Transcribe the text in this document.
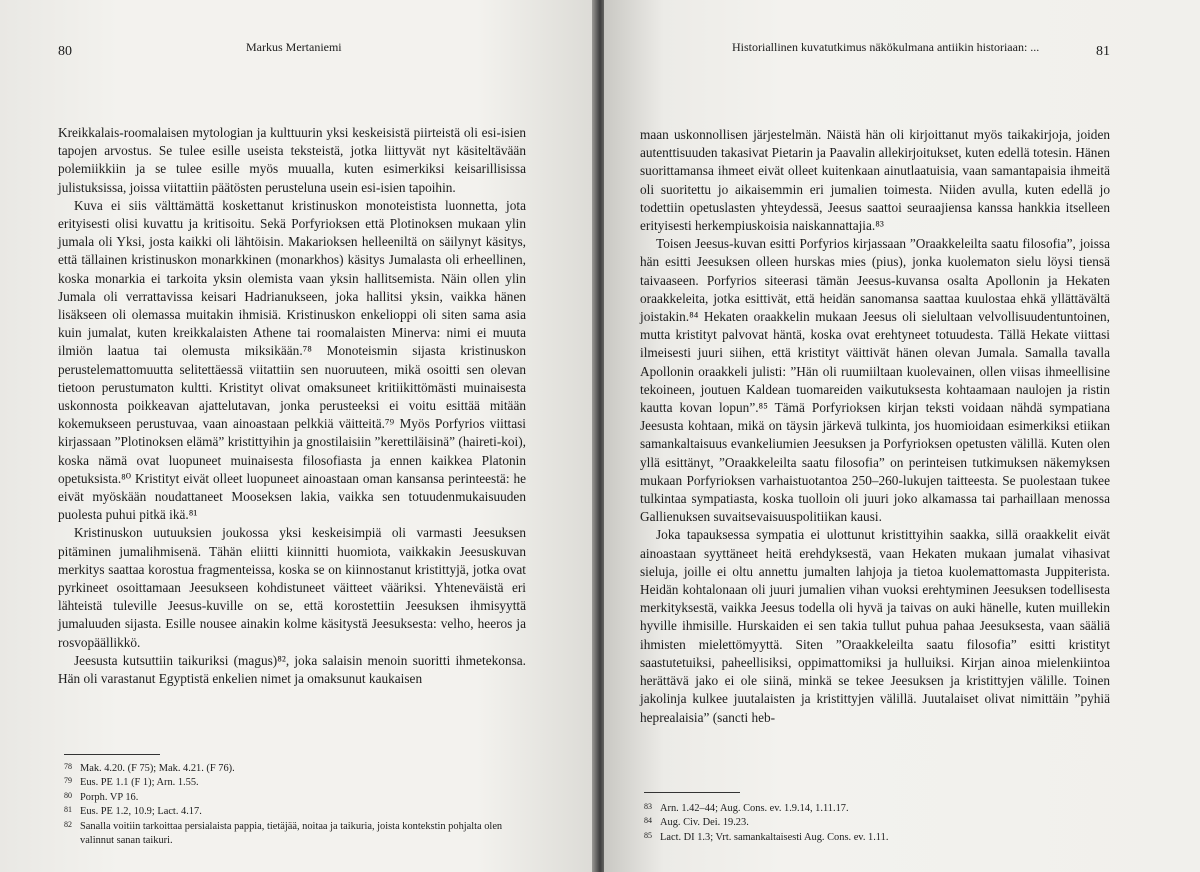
80	Markus Mertaniemi

Kreikkalais-roomalaisen mytologian ja kulttuurin yksi keskeisistä piirteistä oli esi-isien tapojen arvostus. Se tulee esille useista teksteistä, jotka liittyvät nyt käsiteltävään polemiikkiin ja se tulee esille myös muualla, kuten esimerkiksi keisarillisissa julistuksissa, joissa viitattiin päätösten perusteluna usein esi-isien tapoihin.

Kuva ei siis välttämättä koskettanut kristinuskon monoteistista luonnetta, jota erityisesti olisi kuvattu ja kritisoitu. Sekä Porfyrioksen että Plotinoksen mukaan ylin jumala oli Yksi, josta kaikki oli lähtöisin. Makarioksen helleeniltä on säilynyt käsitys, että tällainen kristinuskon monarkkinen (monarkhos) käsitys Jumalasta oli erheellinen, koska monarkia ei tarkoita yksin olemista vaan yksin hallitsemista. Näin ollen ylin Jumala oli verrattavissa keisari Hadrianukseen, joka hallitsi yksin, vaikka hänen lisäkseen oli olemassa muitakin ihmisiä. Kristinuskon enkelioppi oli siten sama asia kuin jumalat, kuten kreikkalaisten Athene tai roomalaisten Minerva: nimi ei muuta ilmiön laatua tai olemusta miksikään.⁷⁸ Monoteismin sijasta kristinuskon perustelemattomuutta selitettäessä viitattiin sen nuoruuteen, mikä osoitti sen olevan tietoon perustumaton kultti. Kristityt olivat omaksuneet kritiikittömästi muinaisesta uskonnosta poikkeavan ajattelutavan, jonka perusteeksi ei voitu esittää mitään kokemukseen perustuvaa, vaan ainoastaan pelkkiä väitteitä.⁷⁹ Myös Porfyrios viittasi kirjassaan ”Plotinoksen elämä” kristittyihin ja gnostilaisiin ”kerettiläisinä” (haireti-koi), koska nämä ovat luopuneet muinaisesta filosofiasta ja ennen kaikkea Platonin opetuksista.⁸⁰ Kristityt eivät olleet luopuneet ainoastaan oman kansansa perinteestä: he eivät myöskään noudattaneet Mooseksen lakia, vaikka sen totuudenmukaisuuden puolesta puhui pitkä ikä.⁸¹

Kristinuskon uutuuksien joukossa yksi keskeisimpiä oli varmasti Jeesuksen pitäminen jumalihmisenä. Tähän eliitti kiinnitti huomiota, vaikkakin Jeesuskuvan merkitys saattaa korostua fragmenteissa, koska se on kiinnostanut kristittyjä, jotka ovat pyrkineet osoittamaan Jeesukseen kohdistuneet väitteet vääriksi. Yhteneväistä eri lähteistä tuleville Jeesus-kuville on se, että korostettiin Jeesuksen ihmisyyttä jumaluuden sijasta. Esille nousee ainakin kolme käsitystä Jeesuksesta: velho, heeros ja rosvopäällikkö.

Jeesusta kutsuttiin taikuriksi (magus)⁸², joka salaisin menoin suoritti ihmetekonsa. Hän oli varastanut Egyptistä enkelien nimet ja omaksunut kaukaisen

78 Mak. 4.20. (F 75); Mak. 4.21. (F 76).
79 Eus. PE 1.1 (F 1); Arn. 1.55.
80 Porph. VP 16.
81 Eus. PE 1.2, 10.9; Lact. 4.17.
82 Sanalla voitiin tarkoittaa persialaista pappia, tietäjää, noitaa ja taikuria, joista kontekstin pohjalta olen valinnut sanan taikuri.
Historiallinen kuvatutkimus näkökulmana antiikin historiaan: ...	81

maan uskonnollisen järjestelmän. Näistä hän oli kirjoittanut myös taikakirjoja, joiden autenttisuuden takasivat Pietarin ja Paavalin allekirjoitukset, kuten edellä totesin. Hänen suorittamansa ihmeet eivät olleet kuitenkaan ainutlaatuisia, vaan samantapaisia ihmeitä oli suoritettu jo aikaisemmin eri jumalien toimesta. Niiden avulla, kuten edellä jo todettiin opetuslasten yhteydessä, Jeesus saattoi seuraajiensa kanssa hankkia itselleen erityisesti herkempiuskoisia naiskannattajia.⁸³

Toisen Jeesus-kuvan esitti Porfyrios kirjassaan ”Oraakkeleilta saatu filosofia”, joissa hän esitti Jeesuksen olleen hurskas mies (pius), jonka kuolematon sielu löysi tiensä taivaaseen. Porfyrios siteerasi tämän Jeesus-kuvansa osalta Apollonin ja Hekaten oraakkeleita, jotka esittivät, että heidän sanomansa saattaa kuulostaa ehkä yllättävältä joistakin.⁸⁴ Hekaten oraakkelin mukaan Jeesus oli sielultaan velvollisuudentuntoinen, mutta kristityt palvovat häntä, koska ovat erehtyneet totuudesta. Tällä Hekate viittasi ilmeisesti juuri siihen, että kristityt väittivät hänen olevan Jumala. Samalla tavalla Apollonin oraakkeli julisti: ”Hän oli ruumiiltaan kuolevainen, ollen viisas ihmeellisine tekoineen, joutuen Kaldean tuomareiden vaikutuksesta kohtaamaan naulojen ja ristin kautta kovan lopun”.⁸⁵ Tämä Porfyrioksen kirjan teksti voidaan nähdä sympatiana Jeesusta kohtaan, mikä on täysin järkevä tulkinta, jos huomioidaan esimerkiksi etiikan samankaltaisuus evankeliumien Jeesuksen ja Porfyrioksen opetusten välillä. Kuten olen yllä esittänyt, ”Oraakkeleilta saatu filosofia” on perinteisen tutkimuksen näkemyksen mukaan Porfyrioksen varhaistuotantoa 250–260-lukujen taitteesta. Se puolestaan tukee tulkintaa sympatiasta, koska tuolloin oli juuri joko alkamassa tai parhaillaan menossa Gallienuksen suvaitsevaisuuspolitiikan kausi.

Joka tapauksessa sympatia ei ulottunut kristittyihin saakka, sillä oraakkelit eivät ainoastaan syyttäneet heitä erehdyksestä, vaan Hekaten mukaan jumalat vihasivat sieluja, joille ei oltu annettu jumalten lahjoja ja tietoa kuolemattomasta Juppiterista. Heidän kohtalonaan oli juuri jumalien vihan vuoksi erehtyminen Jeesuksen todellisesta merkityksestä, vaikka Jeesus todella oli hyvä ja taivas on auki hänelle, kuten muillekin hyville ihmisille. Hurskaiden ei sen takia tullut puhua pahaa Jeesuksesta, vaan sääliä ihmisten mielettömyyttä. Siten ”Oraakkeleilta saatu filosofia” esitti kristityt saastutetuiksi, paheellisiksi, oppimattomiksi ja hulluiksi. Kirjan ainoa mielenkiintoa herättävä jako ei ole siinä, minkä se tekee Jeesuksen ja kristittyjen välille. Toinen jakolinja kulkee juutalaisten ja kristittyjen välillä. Juutalaiset olivat nimittäin ”pyhiä heprealaisia” (sancti heb-

83 Arn. 1.42–44; Aug. Cons. ev. 1.9.14, 1.11.17.
84 Aug. Civ. Dei. 19.23.
85 Lact. DI 1.3; Vrt. samankaltaisesti Aug. Cons. ev. 1.11.
